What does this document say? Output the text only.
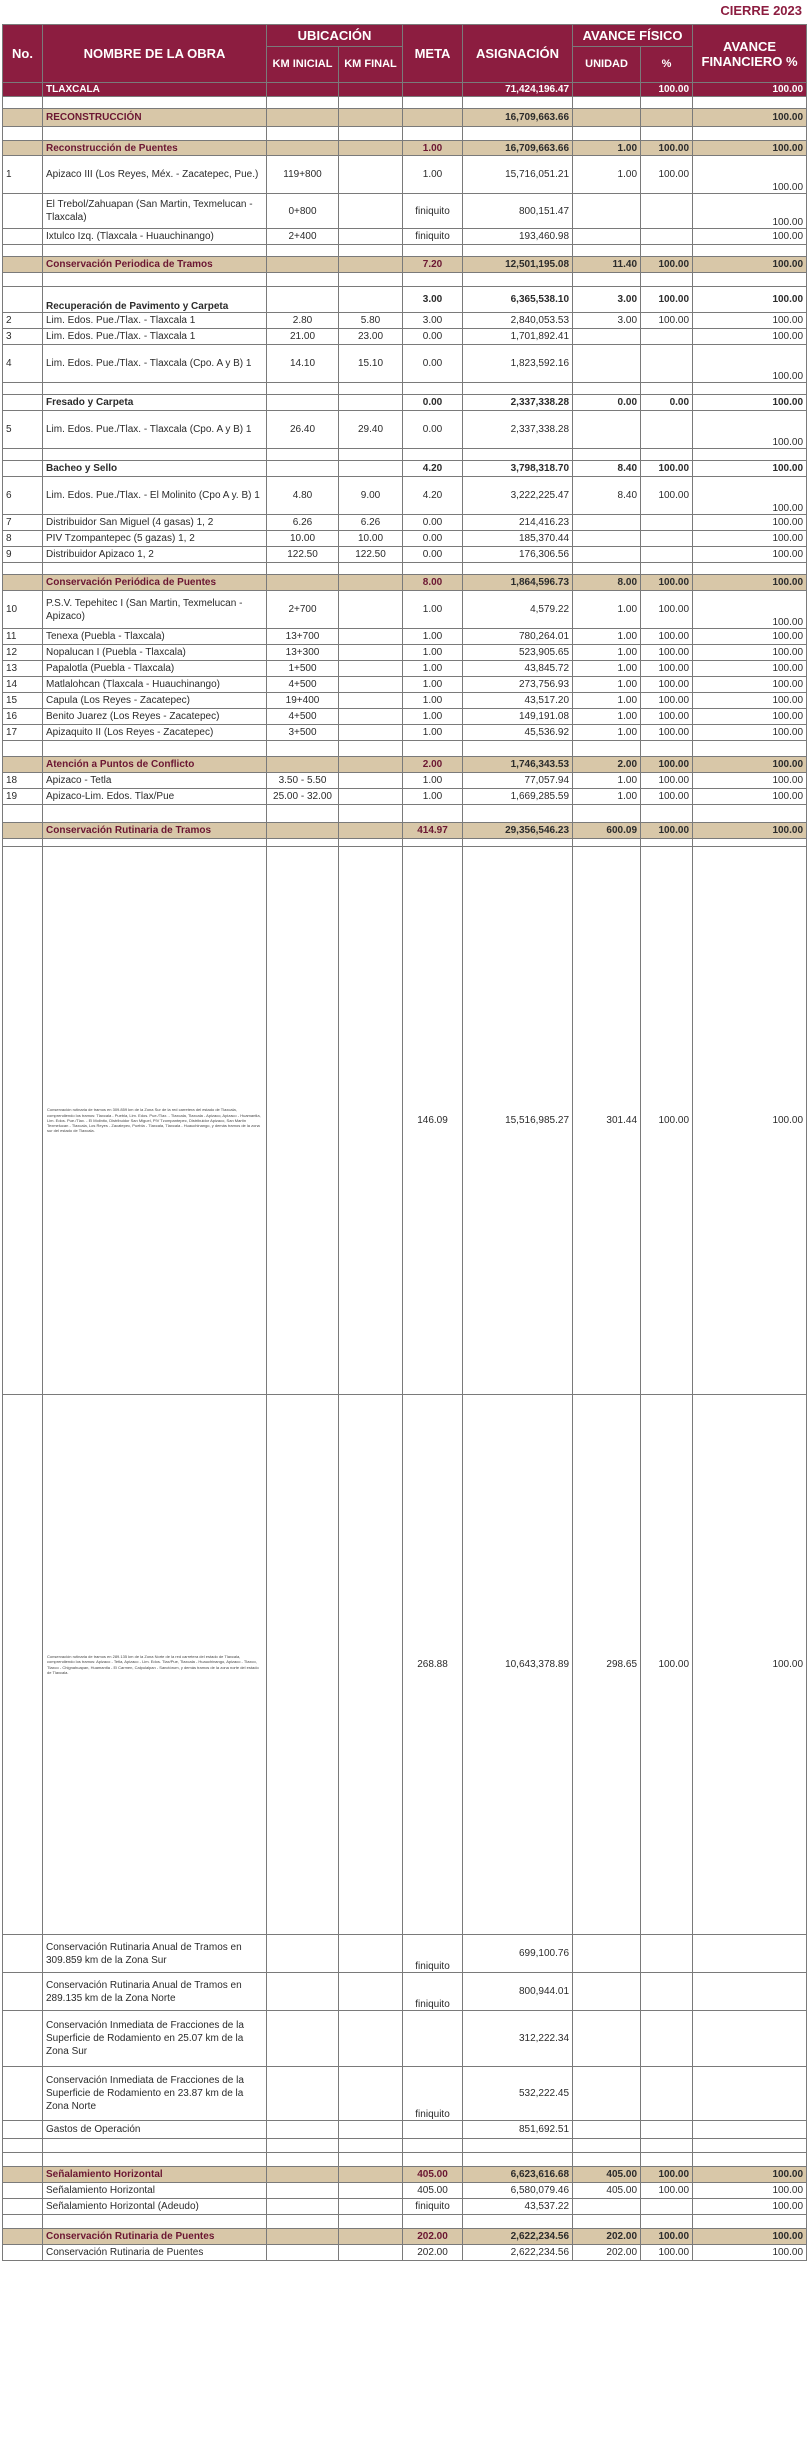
CIERRE 2023
No.	NOMBRE DE LA OBRA	UBICACIÓN		META	ASIGNACIÓN	AVANCE FÍSICO		AVANCE FINANCIERO %
		KM INICIAL	KM FINAL			UNIDAD	%	
	TLAXCALA				71,424,196.47		100.00	100.00

	RECONSTRUCCIÓN				16,709,663.66			100.00

	Reconstrucción de Puentes			1.00	16,709,663.66	1.00	100.00	100.00
1	Apizaco III (Los Reyes, Méx. - Zacatepec, Pue.)	119+800		1.00	15,716,051.21	1.00	100.00	100.00
	El Trebol/Zahuapan (San Martin, Texmelucan - Tlaxcala)	0+800		finiquito	800,151.47			100.00
	Ixtulco Izq. (Tlaxcala - Huauchinango)	2+400		finiquito	193,460.98			100.00

	Conservación Periodica de Tramos			7.20	12,501,195.08	11.40	100.00	100.00

	Recuperación de Pavimento y Carpeta			3.00	6,365,538.10	3.00	100.00	100.00
2	Lim. Edos. Pue./Tlax. - Tlaxcala 1	2.80	5.80	3.00	2,840,053.53	3.00	100.00	100.00
3	Lim. Edos. Pue./Tlax. - Tlaxcala 1	21.00	23.00	0.00	1,701,892.41			100.00
4	Lim. Edos. Pue./Tlax. - Tlaxcala (Cpo. A y B) 1	14.10	15.10	0.00	1,823,592.16			100.00

	Fresado y Carpeta			0.00	2,337,338.28	0.00	0.00	100.00
5	Lim. Edos. Pue./Tlax. - Tlaxcala (Cpo. A y B) 1	26.40	29.40	0.00	2,337,338.28			100.00

	Bacheo y Sello			4.20	3,798,318.70	8.40	100.00	100.00
6	Lim. Edos. Pue./Tlax. - El Molinito (Cpo A y. B) 1	4.80	9.00	4.20	3,222,225.47	8.40	100.00	100.00
7	Distribuidor San Miguel (4 gasas) 1, 2	6.26	6.26	0.00	214,416.23			100.00
8	PIV Tzompantepec (5 gazas) 1, 2	10.00	10.00	0.00	185,370.44			100.00
9	Distribuidor Apizaco 1, 2	122.50	122.50	0.00	176,306.56			100.00

	Conservación Periódica de Puentes			8.00	1,864,596.73	8.00	100.00	100.00
10	P.S.V. Tepehitec I (San Martin, Texmelucan - Apizaco)	2+700		1.00	4,579.22	1.00	100.00	100.00
11	Tenexa (Puebla - Tlaxcala)	13+700		1.00	780,264.01	1.00	100.00	100.00
12	Nopalucan I (Puebla - Tlaxcala)	13+300		1.00	523,905.65	1.00	100.00	100.00
13	Papalotla (Puebla - Tlaxcala)	1+500		1.00	43,845.72	1.00	100.00	100.00
14	Matlalohcan (Tlaxcala - Huauchinango)	4+500		1.00	273,756.93	1.00	100.00	100.00
15	Capula (Los Reyes - Zacatepec)	19+400		1.00	43,517.20	1.00	100.00	100.00
16	Benito Juarez (Los Reyes - Zacatepec)	4+500		1.00	149,191.08	1.00	100.00	100.00
17	Apizaquito II (Los Reyes - Zacatepec)	3+500		1.00	45,536.92	1.00	100.00	100.00

	Atención a Puntos de Conflicto			2.00	1,746,343.53	2.00	100.00	100.00
18	Apizaco - Tetla	3.50 - 5.50		1.00	77,057.94	1.00	100.00	100.00
19	Apizaco-Lim. Edos. Tlax/Pue	25.00 - 32.00		1.00	1,669,285.59	1.00	100.00	100.00

	Conservación Rutinaria de Tramos			414.97	29,356,546.23	600.09	100.00	100.00

	Conservación rutinaria de tramos en 309.859 km de la Zona Sur de la red carretera del estado de Tlaxcala, comprendiendo los tramos: Tlaxcala - Puebla, Lim. Edos. Pue./Tlax. - Tlaxcala, Tlaxcala - Apizaco, Apizaco - Huamantla, Lim. Edos. Pue./Tlax. - El Molinito, Distribuidor San Miguel, PIV Tzompantepec, Distribuidor Apizaco, San Martín Texmelucan - Tlaxcala, Los Reyes - Zacatepec, Puebla - Tlaxcala, Tlaxcala - Huauchinango, y demás tramos de la zona sur del estado de Tlaxcala.			146.09	15,516,985.27	301.44	100.00	100.00
	Conservación rutinaria de tramos en 289.135 km de la Zona Norte de la red carretera del estado de Tlaxcala, comprendiendo los tramos: Apizaco - Tetla, Apizaco - Lim. Edos. Tlax/Pue, Tlaxcala - Huauchinango, Apizaco - Tlaxco, Tlaxco - Chignahuapan, Huamantla - El Carmen, Calpulalpan - Sanctórum, y demás tramos de la zona norte del estado de Tlaxcala.			268.88	10,643,378.89	298.65	100.00	100.00
	Conservación Rutinaria Anual de Tramos en 309.859 km de la Zona Sur			finiquito	699,100.76			
	Conservación Rutinaria Anual de Tramos en 289.135 km de la Zona Norte			finiquito	800,944.01			
	Conservación Inmediata de Fracciones de la Superficie de Rodamiento en 25.07 km de la Zona Sur				312,222.34			
	Conservación Inmediata de Fracciones de la Superficie de Rodamiento en 23.87 km de la Zona Norte			finiquito	532,222.45			
	Gastos de Operación				851,692.51			

	Señalamiento Horizontal			405.00	6,623,616.68	405.00	100.00	100.00
	Señalamiento Horizontal			405.00	6,580,079.46	405.00	100.00	100.00
	Señalamiento Horizontal (Adeudo)			finiquito	43,537.22			100.00

	Conservación Rutinaria de Puentes			202.00	2,622,234.56	202.00	100.00	100.00
	Conservación Rutinaria de Puentes			202.00	2,622,234.56	202.00	100.00	100.00
